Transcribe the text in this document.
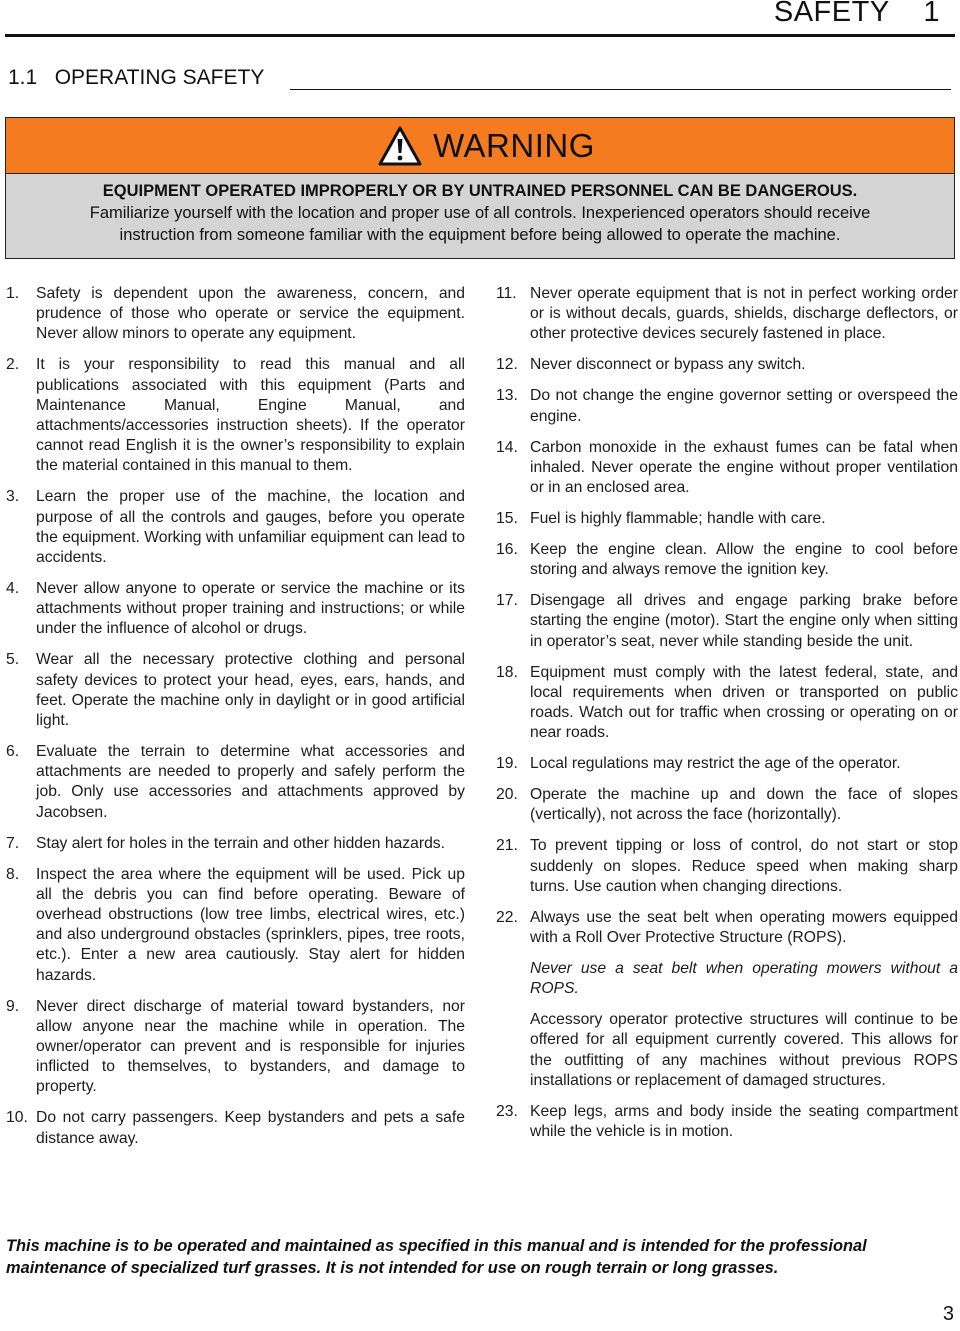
SAFETY    1
1.1   OPERATING SAFETY
WARNING
EQUIPMENT OPERATED IMPROPERLY OR BY UNTRAINED PERSONNEL CAN BE DANGEROUS.
Familiarize yourself with the location and proper use of all controls. Inexperienced operators should receive
instruction from someone familiar with the equipment before being allowed to operate the machine.
1. Safety is dependent upon the awareness, concern, and prudence of those who operate or service the equipment. Never allow minors to operate any equipment.
2. It is your responsibility to read this manual and all publications associated with this equipment (Parts and Maintenance Manual, Engine Manual, and attachments/accessories instruction sheets). If the operator cannot read English it is the owner’s responsibility to explain the material contained in this manual to them.
3. Learn the proper use of the machine, the location and purpose of all the controls and gauges, before you operate the equipment. Working with unfamiliar equipment can lead to accidents.
4. Never allow anyone to operate or service the machine or its attachments without proper training and instructions; or while under the influence of alcohol or drugs.
5. Wear all the necessary protective clothing and personal safety devices to protect your head, eyes, ears, hands, and feet. Operate the machine only in daylight or in good artificial light.
6. Evaluate the terrain to determine what accessories and attachments are needed to properly and safely perform the job. Only use accessories and attachments approved by Jacobsen.
7. Stay alert for holes in the terrain and other hidden hazards.
8. Inspect the area where the equipment will be used. Pick up all the debris you can find before operating. Beware of overhead obstructions (low tree limbs, electrical wires, etc.) and also underground obstacles (sprinklers, pipes, tree roots, etc.). Enter a new area cautiously. Stay alert for hidden hazards.
9. Never direct discharge of material toward bystanders, nor allow anyone near the machine while in operation. The owner/operator can prevent and is responsible for injuries inflicted to themselves, to bystanders, and damage to property.
10. Do not carry passengers. Keep bystanders and pets a safe distance away.
11. Never operate equipment that is not in perfect working order or is without decals, guards, shields, discharge deflectors, or other protective devices securely fastened in place.
12. Never disconnect or bypass any switch.
13. Do not change the engine governor setting or overspeed the engine.
14. Carbon monoxide in the exhaust fumes can be fatal when inhaled. Never operate the engine without proper ventilation or in an enclosed area.
15. Fuel is highly flammable; handle with care.
16. Keep the engine clean. Allow the engine to cool before storing and always remove the ignition key.
17. Disengage all drives and engage parking brake before starting the engine (motor). Start the engine only when sitting in operator’s seat, never while standing beside the unit.
18. Equipment must comply with the latest federal, state, and local requirements when driven or transported on public roads. Watch out for traffic when crossing or operating on or near roads.
19. Local regulations may restrict the age of the operator.
20. Operate the machine up and down the face of slopes (vertically), not across the face (horizontally).
21. To prevent tipping or loss of control, do not start or stop suddenly on slopes. Reduce speed when making sharp turns. Use caution when changing directions.
22. Always use the seat belt when operating mowers equipped with a Roll Over Protective Structure (ROPS).
Never use a seat belt when operating mowers without a ROPS.
Accessory operator protective structures will continue to be offered for all equipment currently covered. This allows for the outfitting of any machines without previous ROPS installations or replacement of damaged structures.
23. Keep legs, arms and body inside the seating compartment while the vehicle is in motion.
This machine is to be operated and maintained as specified in this manual and is intended for the professional maintenance of specialized turf grasses. It is not intended for use on rough terrain or long grasses.
3
